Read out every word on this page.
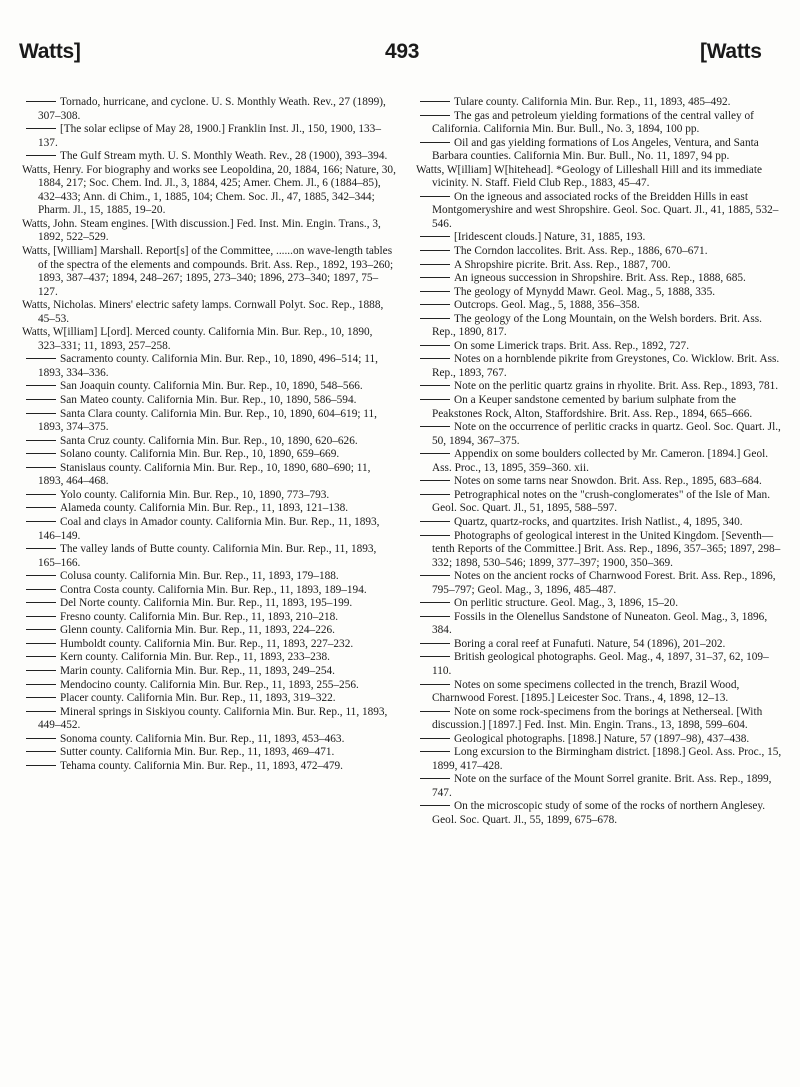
Watts]	493	[Watts

Tornado, hurricane, and cyclone. U. S. Monthly Weath. Rev., 27 (1899), 307–308.

[The solar eclipse of May 28, 1900.] Franklin Inst. Jl., 150, 1900, 133–137.

The Gulf Stream myth. U. S. Monthly Weath. Rev., 28 (1900), 393–394.

Watts, Henry. For biography and works see Leopoldina, 20, 1884, 166; Nature, 30, 1884, 217; Soc. Chem. Ind. Jl., 3, 1884, 425; Amer. Chem. Jl., 6 (1884–85), 432–433; Ann. di Chim., 1, 1885, 104; Chem. Soc. Jl., 47, 1885, 342–344; Pharm. Jl., 15, 1885, 19–20.

Watts, John. Steam engines. [With discussion.] Fed. Inst. Min. Engin. Trans., 3, 1892, 522–529.

Watts, [William] Marshall. Report[s] of the Committee, ......on wave-length tables of the spectra of the elements and compounds. Brit. Ass. Rep., 1892, 193–260; 1893, 387–437; 1894, 248–267; 1895, 273–340; 1896, 273–340; 1897, 75–127.

Watts, Nicholas. Miners' electric safety lamps. Cornwall Polyt. Soc. Rep., 1888, 45–53.

Watts, W[illiam] L[ord]. Merced county. California Min. Bur. Rep., 10, 1890, 323–331; 11, 1893, 257–258.

Sacramento county. California Min. Bur. Rep., 10, 1890, 496–514; 11, 1893, 334–336.

San Joaquin county. California Min. Bur. Rep., 10, 1890, 548–566.

San Mateo county. California Min. Bur. Rep., 10, 1890, 586–594.

Santa Clara county. California Min. Bur. Rep., 10, 1890, 604–619; 11, 1893, 374–375.

Santa Cruz county. California Min. Bur. Rep., 10, 1890, 620–626.

Solano county. California Min. Bur. Rep., 10, 1890, 659–669.

Stanislaus county. California Min. Bur. Rep., 10, 1890, 680–690; 11, 1893, 464–468.

Yolo county. California Min. Bur. Rep., 10, 1890, 773–793.

Alameda county. California Min. Bur. Rep., 11, 1893, 121–138.

Coal and clays in Amador county. California Min. Bur. Rep., 11, 1893, 146–149.

The valley lands of Butte county. California Min. Bur. Rep., 11, 1893, 165–166.

Colusa county. California Min. Bur. Rep., 11, 1893, 179–188.

Contra Costa county. California Min. Bur. Rep., 11, 1893, 189–194.

Del Norte county. California Min. Bur. Rep., 11, 1893, 195–199.

Fresno county. California Min. Bur. Rep., 11, 1893, 210–218.

Glenn county. California Min. Bur. Rep., 11, 1893, 224–226.

Humboldt county. California Min. Bur. Rep., 11, 1893, 227–232.

Kern county. California Min. Bur. Rep., 11, 1893, 233–238.

Marin county. California Min. Bur. Rep., 11, 1893, 249–254.

Mendocino county. California Min. Bur. Rep., 11, 1893, 255–256.

Placer county. California Min. Bur. Rep., 11, 1893, 319–322.

Mineral springs in Siskiyou county. California Min. Bur. Rep., 11, 1893, 449–452.

Sonoma county. California Min. Bur. Rep., 11, 1893, 453–463.

Sutter county. California Min. Bur. Rep., 11, 1893, 469–471.

Tehama county. California Min. Bur. Rep., 11, 1893, 472–479.

Tulare county. California Min. Bur. Rep., 11, 1893, 485–492.

The gas and petroleum yielding formations of the central valley of California. California Min. Bur. Bull., No. 3, 1894, 100 pp.

Oil and gas yielding formations of Los Angeles, Ventura, and Santa Barbara counties. California Min. Bur. Bull., No. 11, 1897, 94 pp.

Watts, W[illiam] W[hitehead]. *Geology of Lilleshall Hill and its immediate vicinity. N. Staff. Field Club Rep., 1883, 45–47.

On the igneous and associated rocks of the Breidden Hills in east Montgomeryshire and west Shropshire. Geol. Soc. Quart. Jl., 41, 1885, 532–546.

[Iridescent clouds.] Nature, 31, 1885, 193.

The Corndon laccolites. Brit. Ass. Rep., 1886, 670–671.

A Shropshire picrite. Brit. Ass. Rep., 1887, 700.

An igneous succession in Shropshire. Brit. Ass. Rep., 1888, 685.

The geology of Mynydd Mawr. Geol. Mag., 5, 1888, 335.

Outcrops. Geol. Mag., 5, 1888, 356–358.

The geology of the Long Mountain, on the Welsh borders. Brit. Ass. Rep., 1890, 817.

On some Limerick traps. Brit. Ass. Rep., 1892, 727.

Notes on a hornblende pikrite from Greystones, Co. Wicklow. Brit. Ass. Rep., 1893, 767.

Note on the perlitic quartz grains in rhyolite. Brit. Ass. Rep., 1893, 781.

On a Keuper sandstone cemented by barium sulphate from the Peakstones Rock, Alton, Staffordshire. Brit. Ass. Rep., 1894, 665–666.

Note on the occurrence of perlitic cracks in quartz. Geol. Soc. Quart. Jl., 50, 1894, 367–375.

Appendix on some boulders collected by Mr. Cameron. [1894.] Geol. Ass. Proc., 13, 1895, 359–360. xii.

Notes on some tarns near Snowdon. Brit. Ass. Rep., 1895, 683–684.

Petrographical notes on the "crush-conglomerates" of the Isle of Man. Geol. Soc. Quart. Jl., 51, 1895, 588–597.

Quartz, quartz-rocks, and quartzites. Irish Natlist., 4, 1895, 340.

Photographs of geological interest in the United Kingdom. [Seventh—tenth Reports of the Committee.] Brit. Ass. Rep., 1896, 357–365; 1897, 298–332; 1898, 530–546; 1899, 377–397; 1900, 350–369.

Notes on the ancient rocks of Charnwood Forest. Brit. Ass. Rep., 1896, 795–797; Geol. Mag., 3, 1896, 485–487.

On perlitic structure. Geol. Mag., 3, 1896, 15–20.

Fossils in the Olenellus Sandstone of Nuneaton. Geol. Mag., 3, 1896, 384.

Boring a coral reef at Funafuti. Nature, 54 (1896), 201–202.

British geological photographs. Geol. Mag., 4, 1897, 31–37, 62, 109–110.

Notes on some specimens collected in the trench, Brazil Wood, Charnwood Forest. [1895.] Leicester Soc. Trans., 4, 1898, 12–13.

Note on some rock-specimens from the borings at Netherseal. [With discussion.] [1897.] Fed. Inst. Min. Engin. Trans., 13, 1898, 599–604.

Geological photographs. [1898.] Nature, 57 (1897–98), 437–438.

Long excursion to the Birmingham district. [1898.] Geol. Ass. Proc., 15, 1899, 417–428.

Note on the surface of the Mount Sorrel granite. Brit. Ass. Rep., 1899, 747.

On the microscopic study of some of the rocks of northern Anglesey. Geol. Soc. Quart. Jl., 55, 1899, 675–678.
